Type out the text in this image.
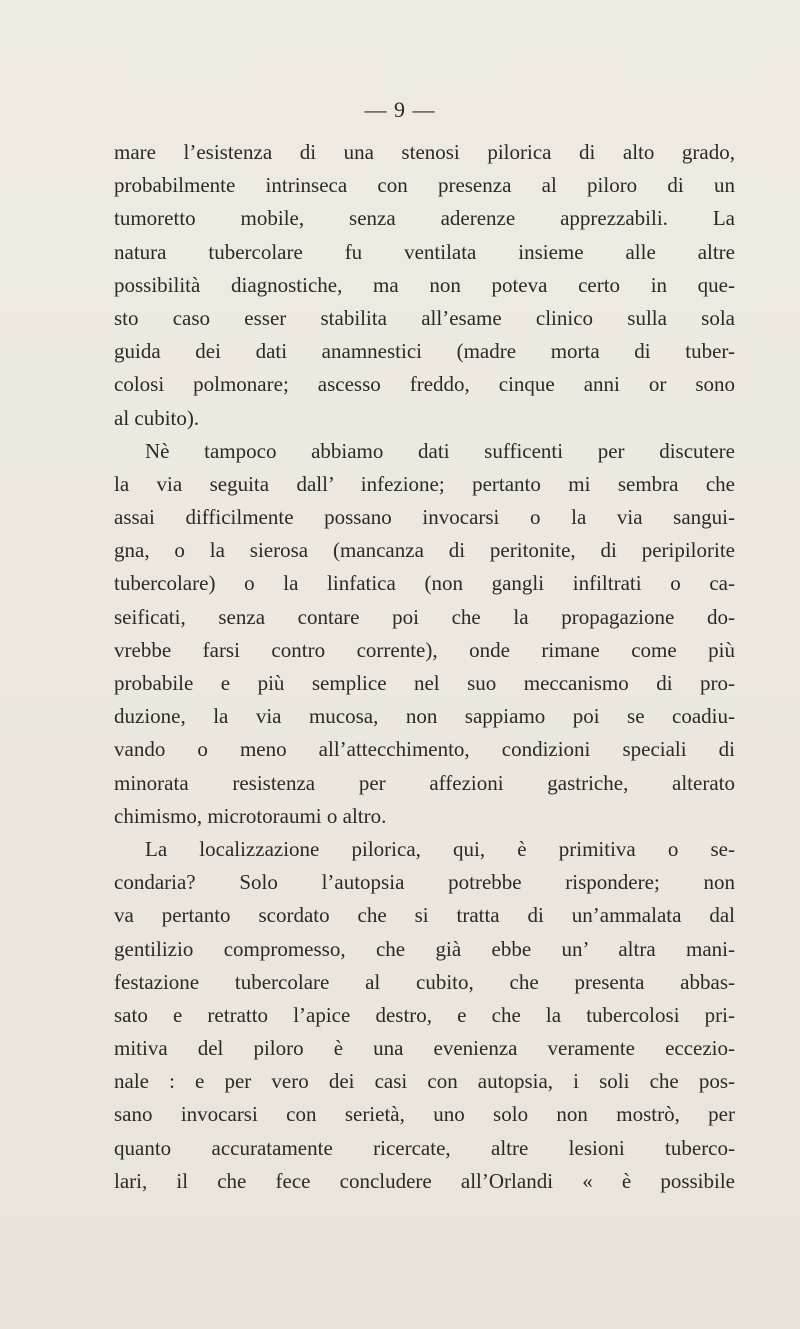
— 9 —
mare l’esistenza di una stenosi pilorica di alto grado,
probabilmente intrinseca con presenza al piloro di un
tumoretto mobile, senza aderenze apprezzabili. La
natura tubercolare fu ventilata insieme alle altre
possibilità diagnostiche, ma non poteva certo in que-
sto caso esser stabilita all’esame clinico sulla sola
guida dei dati anamnestici (madre morta di tuber-
colosi polmonare; ascesso freddo, cinque anni or sono
al cubito).
Nè tampoco abbiamo dati sufficenti per discutere
la via seguita dall’ infezione; pertanto mi sembra che
assai difficilmente possano invocarsi o la via sangui-
gna, o la sierosa (mancanza di peritonite, di peripilorite
tubercolare) o la linfatica (non gangli infiltrati o ca-
seificati, senza contare poi che la propagazione do-
vrebbe farsi contro corrente), onde rimane come più
probabile e più semplice nel suo meccanismo di pro-
duzione, la via mucosa, non sappiamo poi se coadiu-
vando o meno all’attecchimento, condizioni speciali di
minorata resistenza per affezioni gastriche, alterato
chimismo, microtoraumi o altro.
La localizzazione pilorica, qui, è primitiva o se-
condaria? Solo l’autopsia potrebbe rispondere; non
va pertanto scordato che si tratta di un’ammalata dal
gentilizio compromesso, che già ebbe un’ altra mani-
festazione tubercolare al cubito, che presenta abbas-
sato e retratto l’apice destro, e che la tubercolosi pri-
mitiva del piloro è una evenienza veramente eccezio-
nale : e per vero dei casi con autopsia, i soli che pos-
sano invocarsi con serietà, uno solo non mostrò, per
quanto accuratamente ricercate, altre lesioni tuberco-
lari, il che fece concludere all’Orlandi « è possibile
